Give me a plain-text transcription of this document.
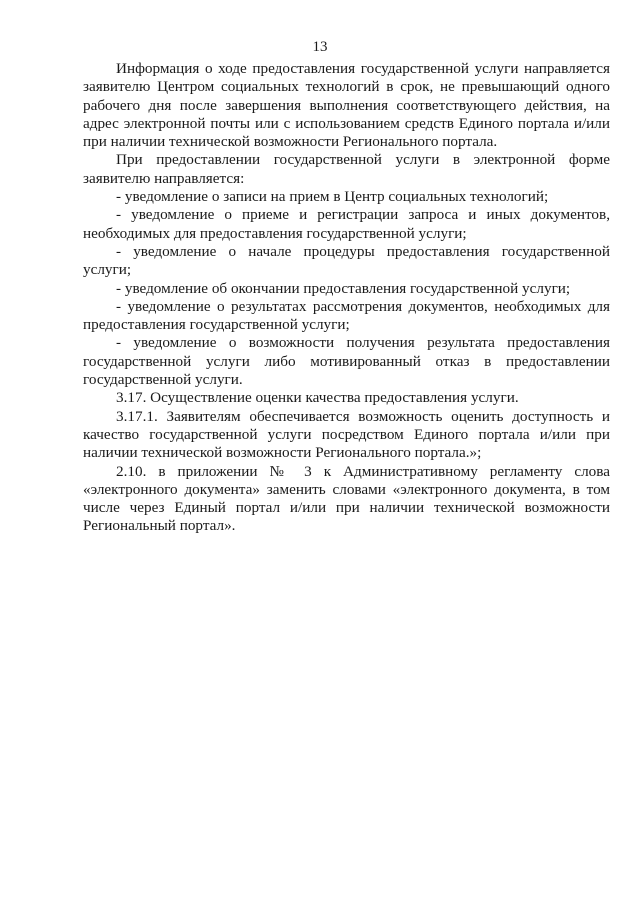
13

Информация о ходе предоставления государственной услуги направляется заявителю Центром социальных технологий в срок, не превышающий одного рабочего дня после завершения выполнения соответствующего действия, на адрес электронной почты или с использованием средств Единого портала и/или при наличии технической возможности Регионального портала.

При предоставлении государственной услуги в электронной форме заявителю направляется:

- уведомление о записи на прием в Центр социальных технологий;

- уведомление о приеме и регистрации запроса и иных документов, необходимых для предоставления государственной услуги;

- уведомление о начале процедуры предоставления государственной услуги;

- уведомление об окончании предоставления государственной услуги;

- уведомление о результатах рассмотрения документов, необходимых для предоставления государственной услуги;

- уведомление о возможности получения результата предоставления государственной услуги либо мотивированный отказ в предоставлении государственной услуги.

3.17. Осуществление оценки качества предоставления услуги.

3.17.1. Заявителям обеспечивается возможность оценить доступность и качество государственной услуги посредством Единого портала и/или при наличии технической возможности Регионального портала.»;

2.10. в приложении № 3 к Административному регламенту слова «электронного документа» заменить словами «электронного документа, в том числе через Единый портал и/или при наличии технической возможности Региональный портал».
